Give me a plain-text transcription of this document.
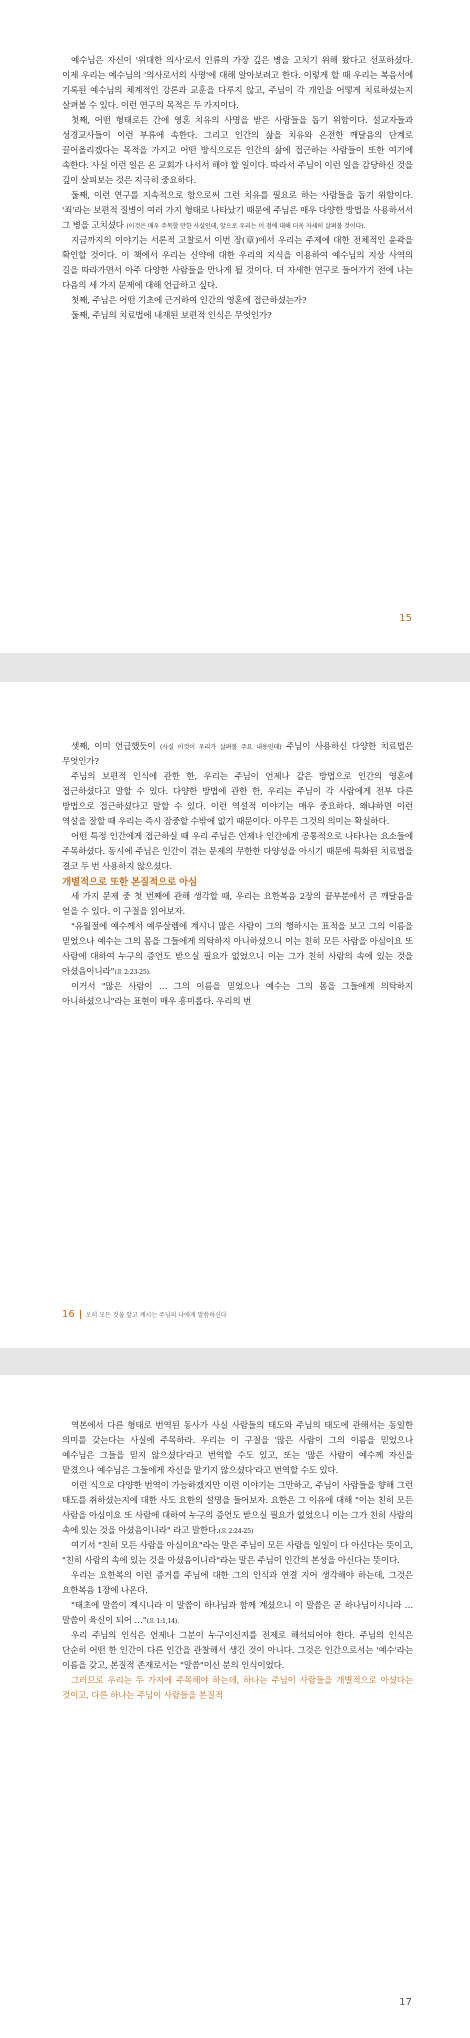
예수님은 자신이 '위대한 의사'로서 인류의 가장 깊은 병을 고치기 위해 왔다고 선포하셨다. 이제 우리는 예수님의 '의사로서의 사명'에 대해 알아보려고 한다. 이렇게 할 때 우리는 복음서에 기록된 예수님의 체계적인 강론과 교훈을 다루지 않고, 주님이 각 개인을 어떻게 치료하셨는지 살펴볼 수 있다. 이런 연구의 목적은 두 가지이다.

첫째, 어떤 형태로든 간에 영혼 치유의 사명을 받은 사람들을 돕기 위함이다. 설교자들과 성경교사들이 이런 부류에 속한다. 그리고 인간의 삶을 치유와 온전한 깨달음의 단계로 끌어올리겠다는 목적을 가지고 어떤 방식으로든 인간의 삶에 접근하는 사람들이 또한 여기에 속한다. 사실 이런 일은 온 교회가 나서서 해야 할 일이다. 따라서 주님이 이런 일을 감당하신 것을 깊이 살피보는 것은 지극히 중요하다.

둘째, 이런 연구를 지속적으로 함으로써 그런 치유를 필요로 하는 사람들을 돕기 위함이다. '죄'라는 보편적 질병이 여러 가지 형태로 나타났기 때문에 주님은 매우 다양한 방법을 사용하셔서 그 병을 고치셨다 (이것은 매우 주목할 만한 사실인데, 앞으로 우리는 이 점에 대해 더욱 자세히 살펴볼 것이다).

지금까지의 이야기는 서론적 고찰로서 이번 장(章)에서 우리는 주제에 대한 전체적인 윤곽을 확인할 것이다. 이 책에서 우리는 신약에 대한 우리의 지식을 이용하여 예수님의 지상 사역의 길을 따라가면서 아주 다양한 사람들을 만나게 될 것이다. 더 자세한 연구로 들어가기 전에 나는 다음의 세 가지 문제에 대해 언급하고 싶다.

첫째, 주님은 어떤 기초에 근거하여 인간의 영혼에 접근하셨는가?

둘째, 주님의 치료법에 내재된 보편적 인식은 무엇인가?

15

셋째, 이미 언급했듯이 (사실 이것이 우리가 살펴볼 주요 내용인데) 주님이 사용하신 다양한 치료법은 무엇인가?

주님의 보편적 인식에 관한 한, 우리는 주님이 언제나 같은 방법으로 인간의 영혼에 접근하셨다고 말할 수 있다. 다양한 방법에 관한 한, 우리는 주님이 각 사람에게 전부 다른 방법으로 접근하셨다고 말할 수 있다. 이런 역설적 이야기는 매우 중요하다. 왜냐하면 이런 역설을 잘할 때 우리는 즉시 잠중할 수밖에 없기 때문이다. 아무든 그것의 의미는 확실하다.

어떤 특정 인간에게 접근하실 때 우리 주님은 언제나 인간에게 공통적으로 나타나는 요소들에 주목하셨다. 동시에 주님은 인간이 겪는 문제의 무한한 다양성을 아시기 때문에 특화된 치료법을 결코 두 번 사용하지 않으셨다.

개별적으로 또한 본질적으로 아심

세 가지 문제 중 첫 번째에 관해 생각할 때, 우리는 요한복음 2장의 끝부분에서 큰 깨달음을 얻을 수 있다. 이 구절을 읽어보자.

"유월절에 예수께서 예루살렘에 계시니 많은 사람이 그의 행하시는 표적을 보고 그의 이름을 믿었으나 예수는 그의 몸을 그들에게 의탁하지 아니하셨으니 이는 친히 모든 사람을 아심이요 또 사람에 대하여 누구의 증언도 받으실 필요가 없었으니 이는 그가 친히 사람의 속에 있는 것을 아셨음이니라"(요 2:23-25).

이거서 "많은 사람이 … 그의 이름을 믿었으나 예수는 그의 몸을 그들에게 의탁하지 아니하셨으니"라는 표현이 매우 흥미롭다. 우리의 번

16 오히 모든 것을 알고 계시는 주님의 나에게 말씀하신다

역본에서 다른 형태로 번역된 동사가 사실 사람들의 태도와 주님의 태도에 관해서는 동일한 의미를 갖는다는 사실에 주목하라. 우리는 이 구절을 '많은 사람이 그의 이름을 믿었으나 예수님은 그들을 믿지 않으셨다'라고 번역할 수도 있고, 또는 '많은 사람이 예수께 자신을 맡겼으나 예수님은 그들에게 자신을 맡기지 않으셨다'라고 번역할 수도 있다.

이런 식으로 다양한 번역이 가능하겠지만 이런 이야기는 그만하고, 주님이 사람들을 향해 그런 태도를 취하셨는지에 대한 사도 요한의 설명을 들어보자. 요한은 그 이유에 대해 "이는 친히 모든 사람을 아심이요 또 사람에 대하여 누구의 증언도 받으실 필요가 없었으니 이는 그가 친히 사람의 속에 있는 것을 아셨음이니라" 라고 말한다.(요 2:24-25)

여기서 "친히 모든 사람을 아심이요"라는 말은 주님이 모든 사람을 일일이 다 아신다는 뜻이고, "친히 사람의 속에 있는 것을 아셨음이니라"라는 말은 주님이 인간의 본성을 아신다는 뜻이다.

우리는 요한복의 이런 증거를 주님에 대한 그의 인식과 연결 지어 생각해야 하는데, 그것은 요한복음 1장에 나온다.

"태초에 말씀이 계시니라 이 말씀이 하나님과 함께 계셨으니 이 말씀은 곧 하나님이시니라 … 말씀이 육신이 되어 …"(요 1:1,14).

우리 주님의 인식은 언제나 그분이 누구이신지를 전제로 해석되어야 한다. 주님의 인식은 단순히 어떤 한 인간이 다른 인간을 관찰해서 생긴 것이 아니다. 그것은 인간으로서는 '예수'라는 이름을 갖고, 본질적 존재로서는 "말씀"이신 분의 인식이었다.

그러므로 우리는 두 가지에 주목해야 하는데, 하나는 주님이 사람들을 개별적으로 아셨다는 것이고, 다른 하나는 주님이 사람들을 본질적

17
